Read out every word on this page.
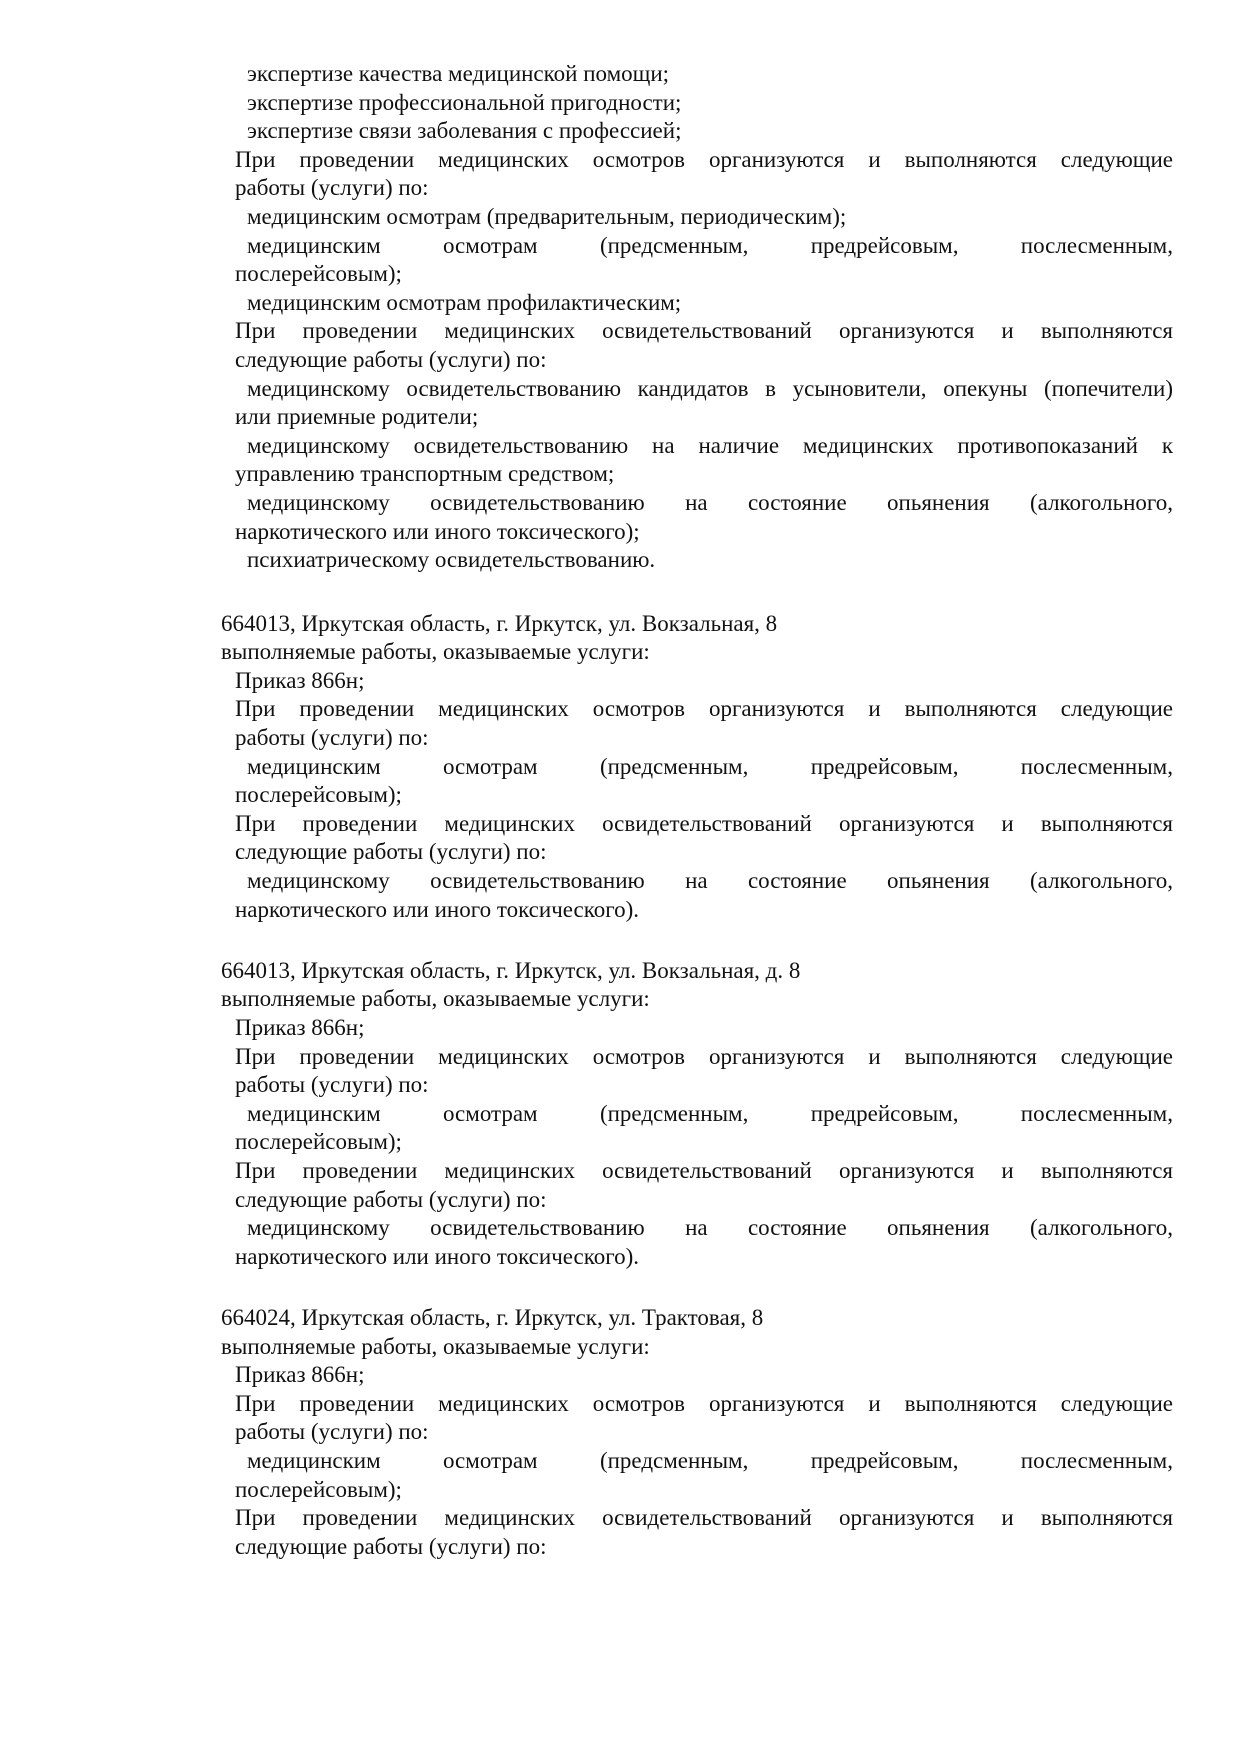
экспертизе качества медицинской помощи;

экспертизе профессиональной пригодности;

экспертизе связи заболевания с профессией;

При проведении медицинских осмотров организуются и выполняются следующие

работы (услуги) по:

медицинским осмотрам (предварительным, периодическим);

медицинским осмотрам (предсменным, предрейсовым, послесменным,

послерейсовым);

медицинским осмотрам профилактическим;

При проведении медицинских освидетельствований организуются и выполняются

следующие работы (услуги) по:

медицинскому освидетельствованию кандидатов в усыновители, опекуны (попечители)

или приемные родители;

медицинскому освидетельствованию на наличие медицинских противопоказаний к

управлению транспортным средством;

медицинскому освидетельствованию на состояние опьянения (алкогольного,

наркотического или иного токсического);

психиатрическому освидетельствованию.

664013, Иркутская область, г. Иркутск, ул. Вокзальная, 8

выполняемые работы, оказываемые услуги:

Приказ 866н;

При проведении медицинских осмотров организуются и выполняются следующие

работы (услуги) по:

медицинским осмотрам (предсменным, предрейсовым, послесменным,

послерейсовым);

При проведении медицинских освидетельствований организуются и выполняются

следующие работы (услуги) по:

медицинскому освидетельствованию на состояние опьянения (алкогольного,

наркотического или иного токсического).

664013, Иркутская область, г. Иркутск, ул. Вокзальная, д. 8

выполняемые работы, оказываемые услуги:

Приказ 866н;

При проведении медицинских осмотров организуются и выполняются следующие

работы (услуги) по:

медицинским осмотрам (предсменным, предрейсовым, послесменным,

послерейсовым);

При проведении медицинских освидетельствований организуются и выполняются

следующие работы (услуги) по:

медицинскому освидетельствованию на состояние опьянения (алкогольного,

наркотического или иного токсического).

664024, Иркутская область, г. Иркутск, ул. Трактовая, 8

выполняемые работы, оказываемые услуги:

Приказ 866н;

При проведении медицинских осмотров организуются и выполняются следующие

работы (услуги) по:

медицинским осмотрам (предсменным, предрейсовым, послесменным,

послерейсовым);

При проведении медицинских освидетельствований организуются и выполняются

следующие работы (услуги) по:
